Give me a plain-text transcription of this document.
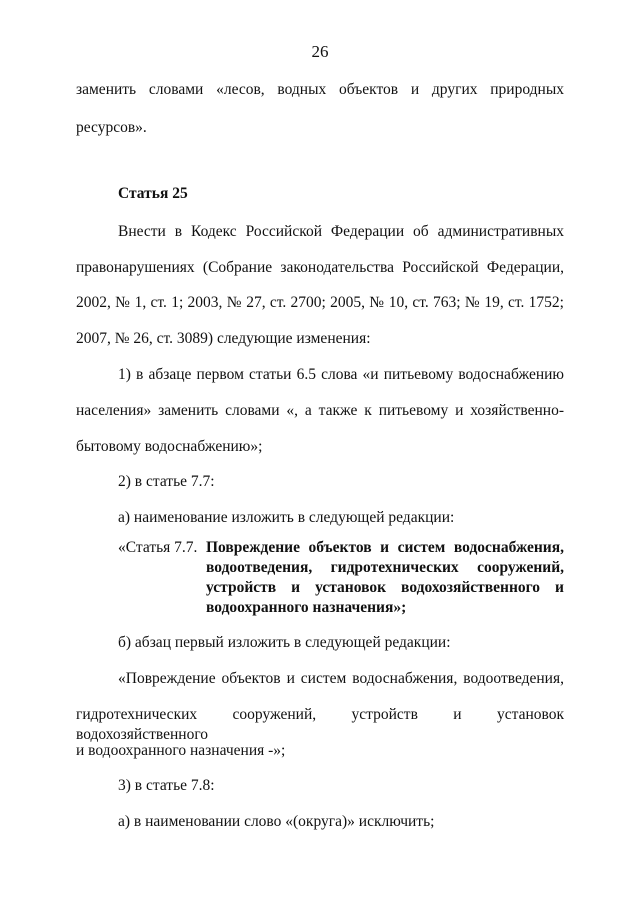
26
заменить словами «лесов, водных объектов и других природных
ресурсов».
Статья 25
Внести в Кодекс Российской Федерации об административных
правонарушениях (Собрание законодательства Российской Федерации,
2002, № 1, ст. 1; 2003, № 27, ст. 2700; 2005, № 10, ст. 763; № 19, ст. 1752;
2007, № 26, ст. 3089) следующие изменения:
1) в абзаце первом статьи 6.5 слова «и питьевому водоснабжению
населения» заменить словами «, а также к питьевому и хозяйственно-
бытовому водоснабжению»;
2) в статье 7.7:
а) наименование изложить в следующей редакции:
«Статья 7.7. Повреждение объектов и систем водоснабжения,
водоотведения, гидротехнических сооружений,
устройств и установок водохозяйственного и
водоохранного назначения»;
б) абзац первый изложить в следующей редакции:
«Повреждение объектов и систем водоснабжения, водоотведения,
гидротехнических сооружений, устройств и установок водохозяйственного
и водоохранного назначения -»;
3) в статье 7.8:
а) в наименовании слово «(округа)» исключить;
